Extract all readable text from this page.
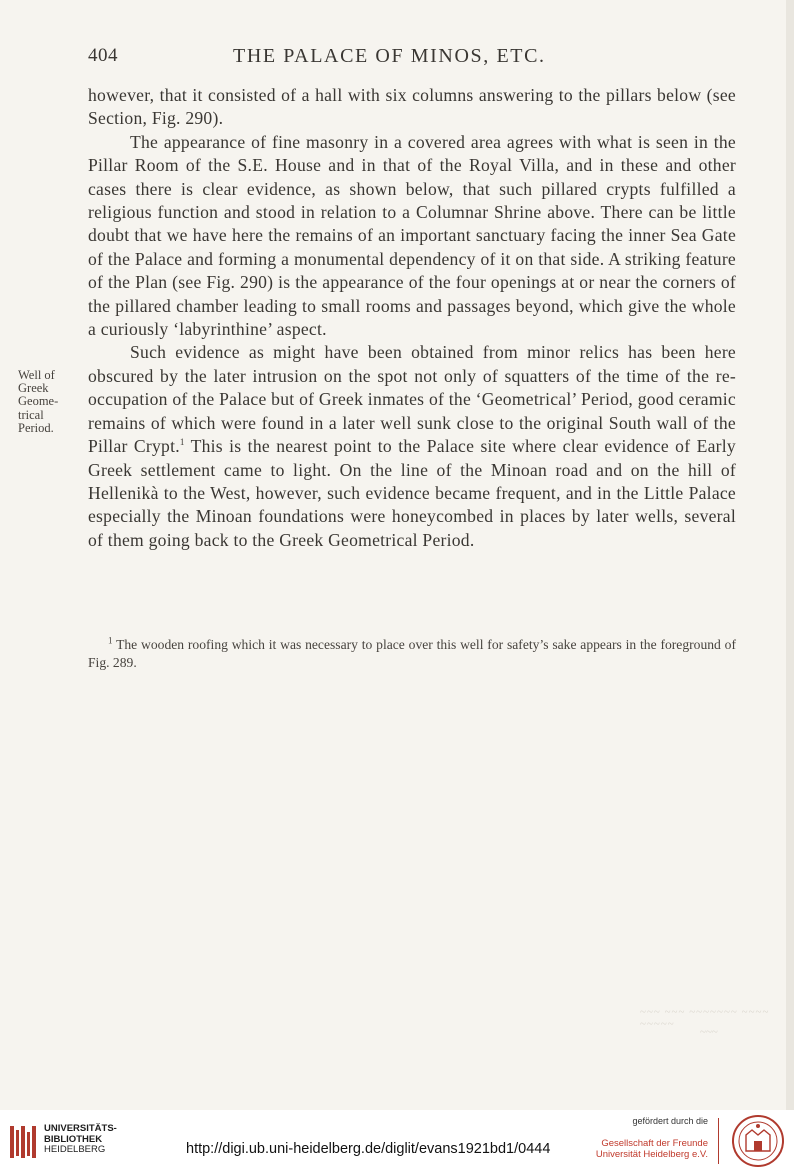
404	THE PALACE OF MINOS, ETC.
Well of
Greek
Geome-
trical
Period.

however, that it consisted of a hall with six columns answering to the pillars below (see Section, Fig. 290).

The appearance of fine masonry in a covered area agrees with what is seen in the Pillar Room of the S.E. House and in that of the Royal Villa, and in these and other cases there is clear evidence, as shown below, that such pillared crypts fulfilled a religious function and stood in relation to a Columnar Shrine above. There can be little doubt that we have here the remains of an important sanctuary facing the inner Sea Gate of the Palace and forming a monumental dependency of it on that side. A striking feature of the Plan (see Fig. 290) is the appearance of the four openings at or near the corners of the pillared chamber leading to small rooms and passages beyond, which give the whole a curiously ‘labyrinthine’ aspect.

Such evidence as might have been obtained from minor relics has been here obscured by the later intrusion on the spot not only of squatters of the time of the re-occupation of the Palace but of Greek inmates of the ‘Geometrical’ Period, good ceramic remains of which were found in a later well sunk close to the original South wall of the Pillar Crypt.$^1$ This is the nearest point to the Palace site where clear evidence of Early Greek settlement came to light. On the line of the Minoan road and on the hill of Hellenikà to the West, however, such evidence became frequent, and in the Little Palace especially the Minoan foundations were honeycombed in places by later wells, several of them going back to the Greek Geometrical Period.

$^1$ The wooden roofing which it was necessary to place over this well for safety’s sake appears in the foreground of Fig. 289.
~~~ ~~~ ~~~~~~~ ~~~~ ~~~~~
~~~
UNIVERSITÄTS-
BIBLIOTHEK
HEIDELBERG	http://digi.ub.uni-heidelberg.de/diglit/evans1921bd1/0444
gefördert durch die
Gesellschaft der Freunde
Universität Heidelberg e.V.
